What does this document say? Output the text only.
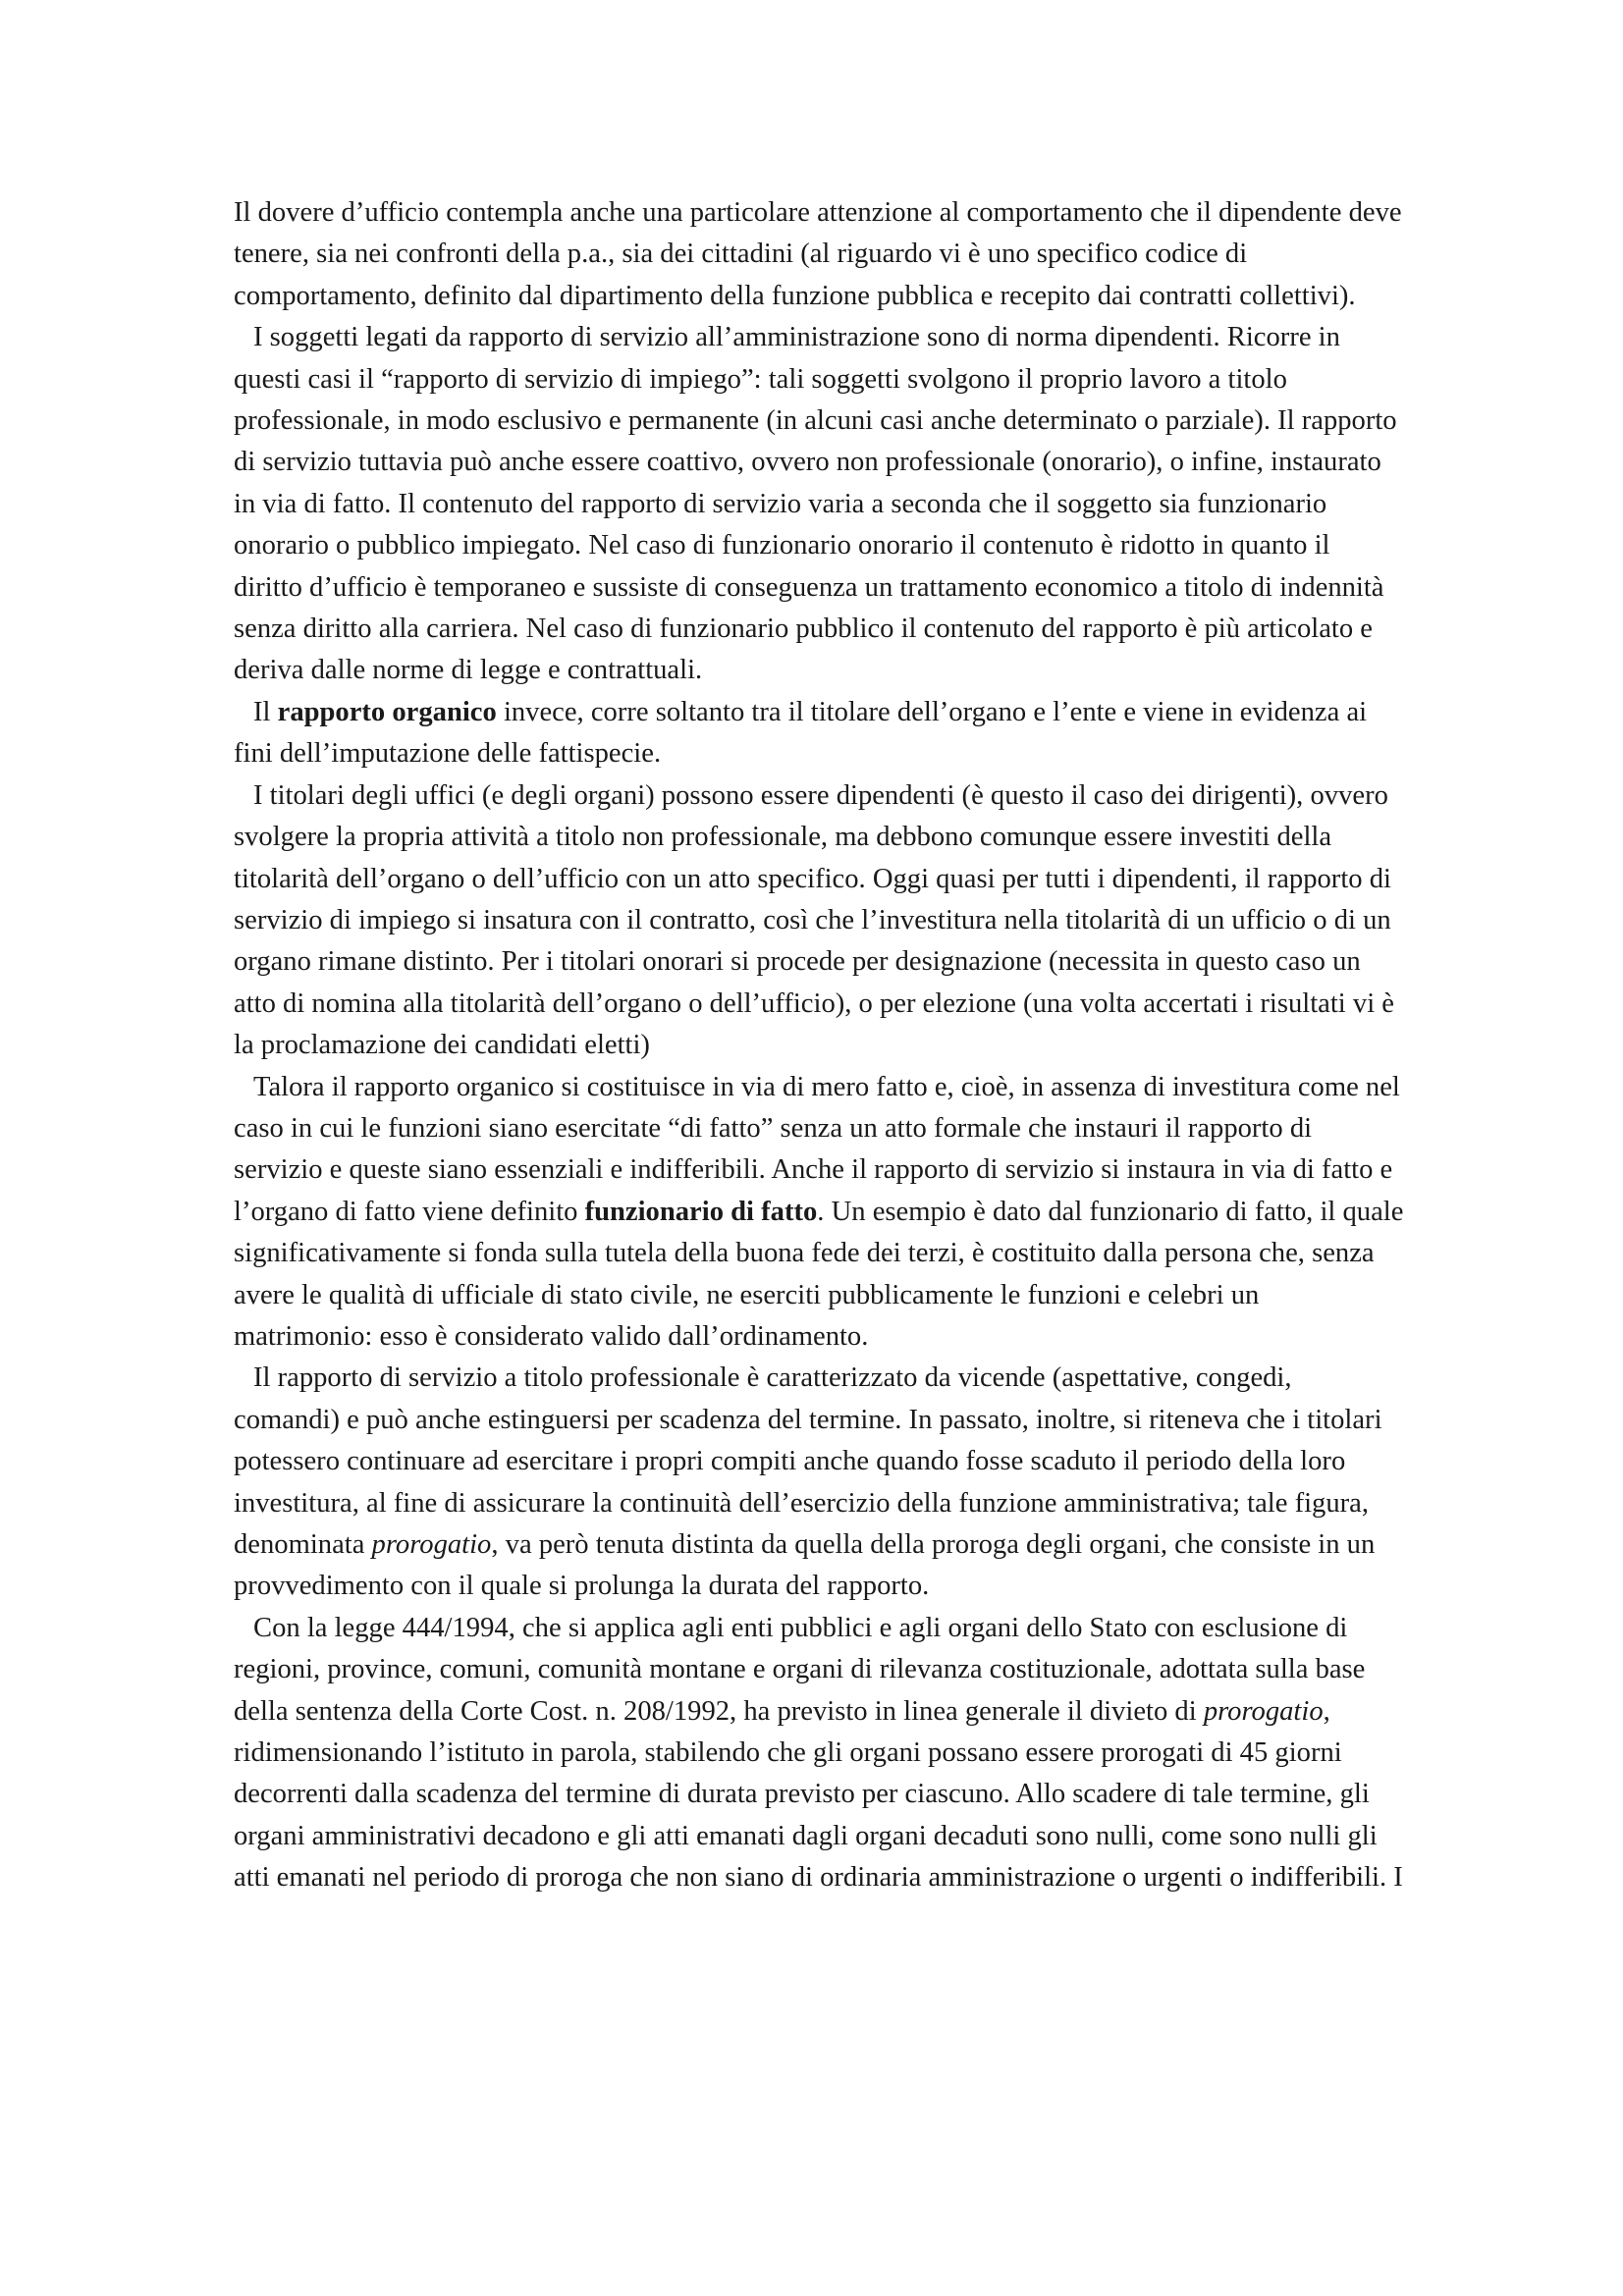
Il dovere d’ufficio contempla anche una particolare attenzione al comportamento che il dipendente deve tenere, sia nei confronti della p.a., sia dei cittadini (al riguardo vi è uno specifico codice di comportamento, definito dal dipartimento della funzione pubblica e recepito dai contratti collettivi).

I soggetti legati da rapporto di servizio all’amministrazione sono di norma dipendenti. Ricorre in questi casi il “rapporto di servizio di impiego”: tali soggetti svolgono il proprio lavoro a titolo professionale, in modo esclusivo e permanente (in alcuni casi anche determinato o parziale). Il rapporto di servizio tuttavia può anche essere coattivo, ovvero non professionale (onorario), o infine, instaurato in via di fatto. Il contenuto del rapporto di servizio varia a seconda che il soggetto sia funzionario onorario o pubblico impiegato. Nel caso di funzionario onorario il contenuto è ridotto in quanto il diritto d’ufficio è temporaneo e sussiste di conseguenza un trattamento economico a titolo di indennità senza diritto alla carriera. Nel caso di funzionario pubblico il contenuto del rapporto è più articolato e deriva dalle norme di legge e contrattuali.

Il rapporto organico invece, corre soltanto tra il titolare dell’organo e l’ente e viene in evidenza ai fini dell’imputazione delle fattispecie.

I titolari degli uffici (e degli organi) possono essere dipendenti (è questo il caso dei dirigenti), ovvero svolgere la propria attività a titolo non professionale, ma debbono comunque essere investiti della titolarità dell’organo o dell’ufficio con un atto specifico. Oggi quasi per tutti i dipendenti, il rapporto di servizio di impiego si insatura con il contratto, così che l’investitura nella titolarità di un ufficio o di un organo rimane distinto. Per i titolari onorari si procede per designazione (necessita in questo caso un atto di nomina alla titolarità dell’organo o dell’ufficio), o per elezione (una volta accertati i risultati vi è la proclamazione dei candidati eletti)

Talora il rapporto organico si costituisce in via di mero fatto e, cioè, in assenza di investitura come nel caso in cui le funzioni siano esercitate “di fatto” senza un atto formale che instauri il rapporto di servizio e queste siano essenziali e indifferibili. Anche il rapporto di servizio si instaura in via di fatto e l’organo di fatto viene definito funzionario di fatto. Un esempio è dato dal funzionario di fatto, il quale significativamente si fonda sulla tutela della buona fede dei terzi, è costituito dalla persona che, senza avere le qualità di ufficiale di stato civile, ne eserciti pubblicamente le funzioni e celebri un matrimonio: esso è considerato valido dall’ordinamento.

Il rapporto di servizio a titolo professionale è caratterizzato da vicende (aspettative, congedi, comandi) e può anche estinguersi per scadenza del termine. In passato, inoltre, si riteneva che i titolari potessero continuare ad esercitare i propri compiti anche quando fosse scaduto il periodo della loro investitura, al fine di assicurare la continuità dell’esercizio della funzione amministrativa; tale figura, denominata prorogatio, va però tenuta distinta da quella della proroga degli organi, che consiste in un provvedimento con il quale si prolunga la durata del rapporto.

Con la legge 444/1994, che si applica agli enti pubblici e agli organi dello Stato con esclusione di regioni, province, comuni, comunità montane e organi di rilevanza costituzionale, adottata sulla base della sentenza della Corte Cost. n. 208/1992, ha previsto in linea generale il divieto di prorogatio, ridimensionando l’istituto in parola, stabilendo che gli organi possano essere prorogati di 45 giorni decorrenti dalla scadenza del termine di durata previsto per ciascuno. Allo scadere di tale termine, gli organi amministrativi decadono e gli atti emanati dagli organi decaduti sono nulli, come sono nulli gli atti emanati nel periodo di proroga che non siano di ordinaria amministrazione o urgenti o indifferibili. I
